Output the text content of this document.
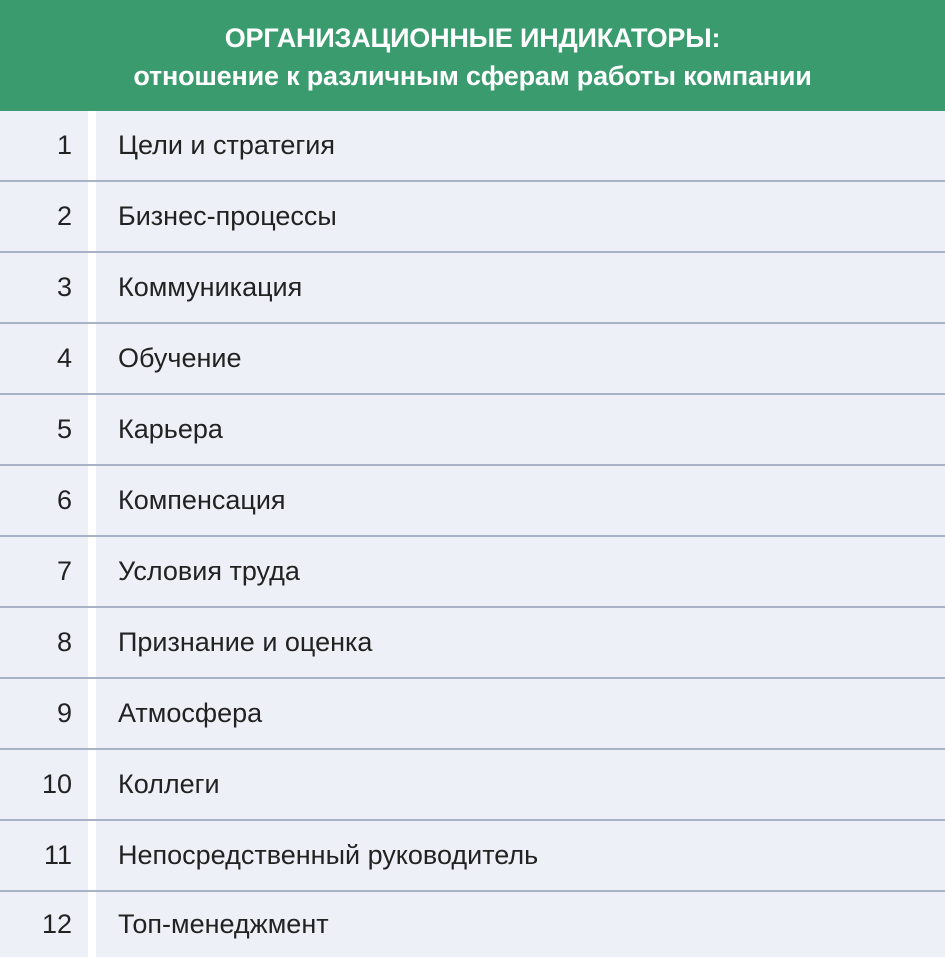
ОРГАНИЗАЦИОННЫЕ ИНДИКАТОРЫ:
отношение к различным сферам работы компании
1	Цели и стратегия
2	Бизнес-процессы
3	Коммуникация
4	Обучение
5	Карьера
6	Компенсация
7	Условия труда
8	Признание и оценка
9	Атмосфера
10	Коллеги
11	Непосредственный руководитель
12	Топ-менеджмент
